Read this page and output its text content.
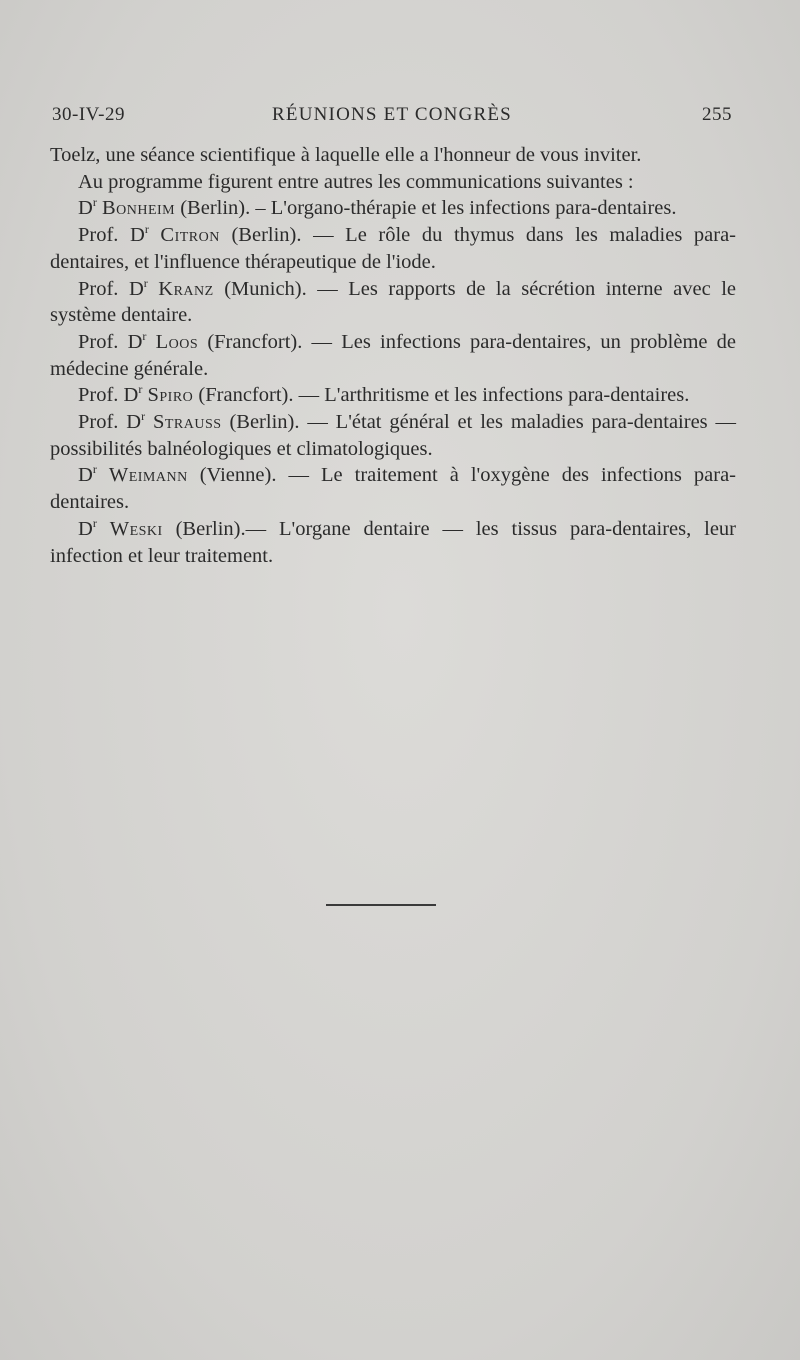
30-IV-29	RÉUNIONS ET CONGRÈS	255

Toelz, une séance scientifique à laquelle elle a l'honneur de vous inviter.

Au programme figurent entre autres les communications suivantes :

$D^r$ Bonheim (Berlin). – L'organo-thérapie et les infections para-dentaires.

Prof. $D^r$ Citron (Berlin). — Le rôle du thymus dans les maladies para-dentaires, et l'influence thérapeutique de l'iode.

Prof. $D^r$ Kranz (Munich). — Les rapports de la sécrétion interne avec le système dentaire.

Prof. $D^r$ Loos (Francfort). — Les infections para-dentaires, un problème de médecine générale.

Prof. $D^r$ Spiro (Francfort). — L'arthritisme et les infections para-dentaires.

Prof. $D^r$ Strauss (Berlin). — L'état général et les maladies para-dentaires — possibilités balnéologiques et climatologiques.

$D^r$ Weimann (Vienne). — Le traitement à l'oxygène des infections para-dentaires.

$D^r$ Weski (Berlin).— L'organe dentaire — les tissus para-dentaires, leur infection et leur traitement.
